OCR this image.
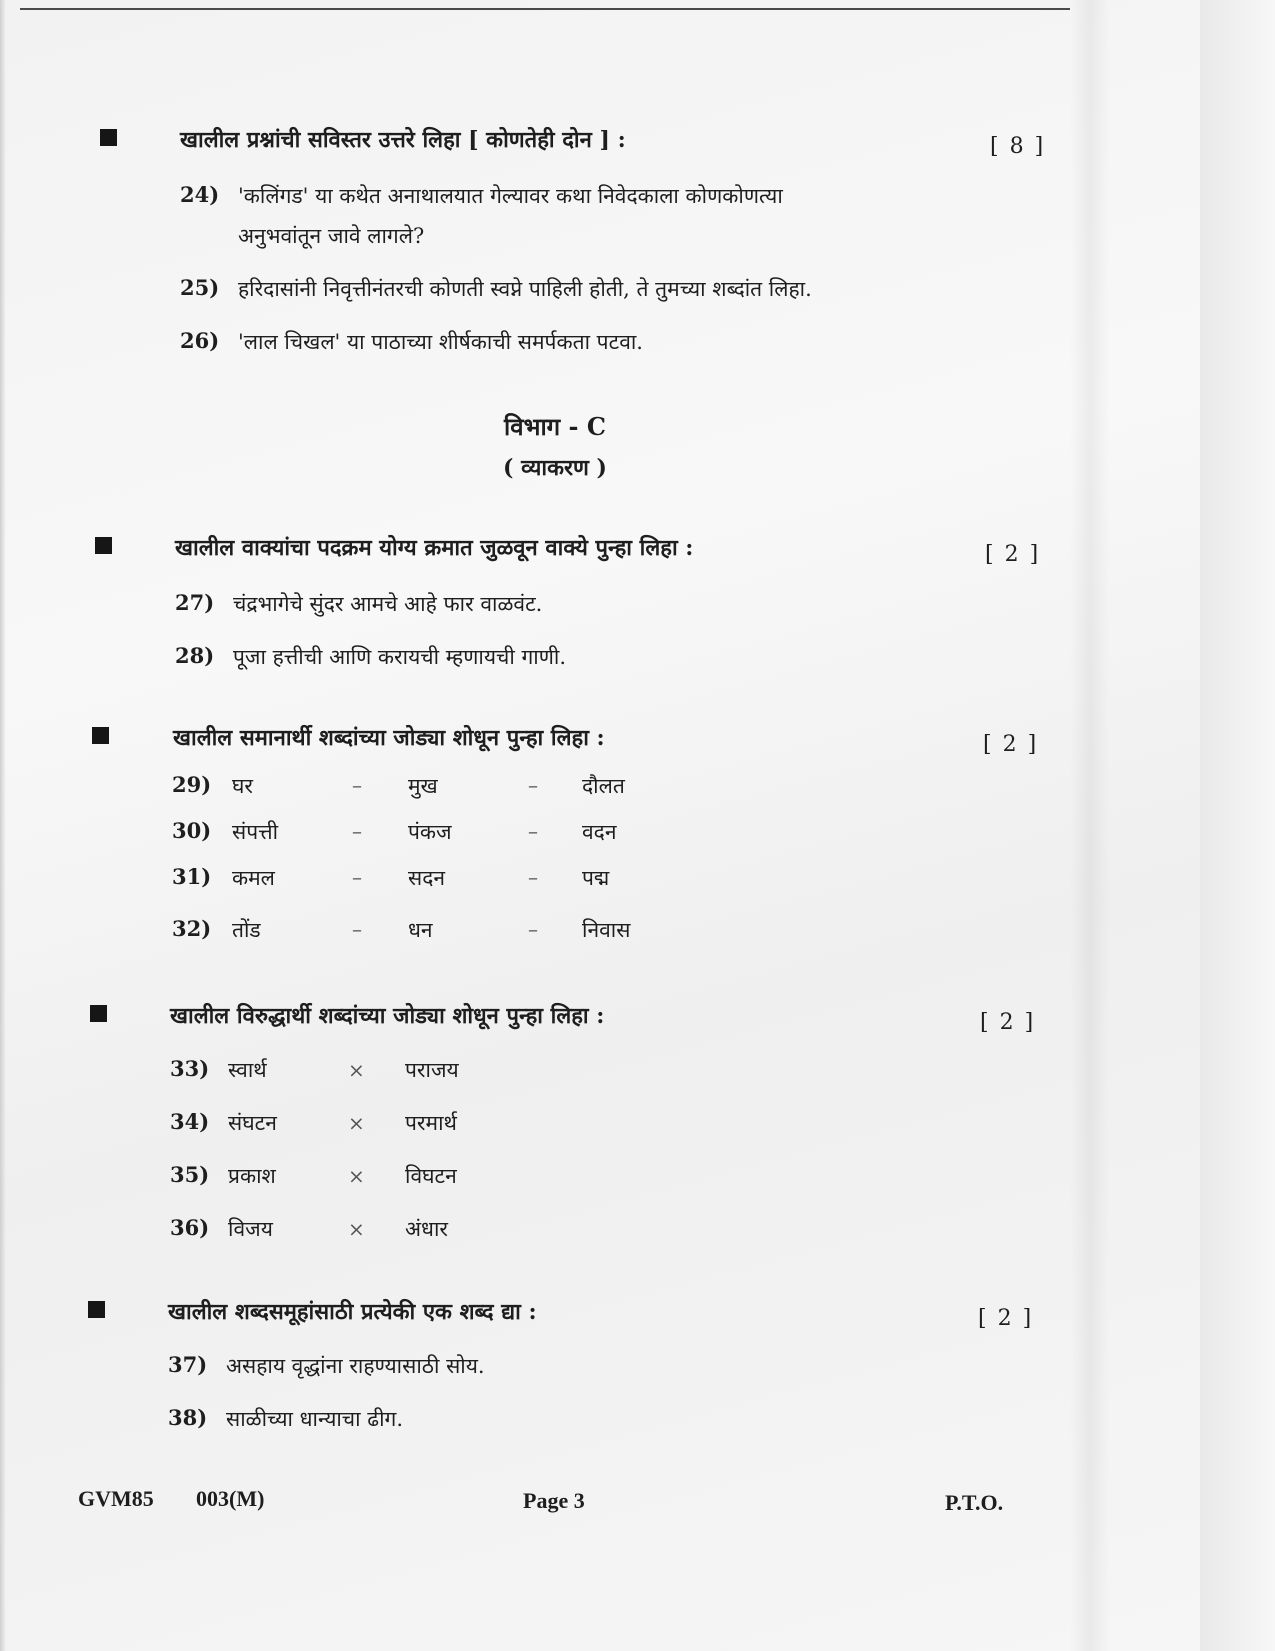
खालील प्रश्नांची सविस्तर उत्तरे लिहा [ कोणतेही दोन ] :	[ 8 ]
24) 'कलिंगड' या कथेत अनाथालयात गेल्यावर कथा निवेदकाला कोणकोणत्या
अनुभवांतून जावे लागले?
25) हरिदासांनी निवृत्तीनंतरची कोणती स्वप्ने पाहिली होती, ते तुमच्या शब्दांत लिहा.
26) 'लाल चिखल' या पाठाच्या शीर्षकाची समर्पकता पटवा.
विभाग - C
( व्याकरण )
खालील वाक्यांचा पदक्रम योग्य क्रमात जुळवून वाक्ये पुन्हा लिहा :	[ 2 ]
27) चंद्रभागेचे सुंदर आमचे आहे फार वाळवंट.
28) पूजा हत्तीची आणि करायची म्हणायची गाणी.
खालील समानार्थी शब्दांच्या जोड्या शोधून पुन्हा लिहा :	[ 2 ]
29) घर	– मुख	– दौलत
30) संपत्ती	– पंकज	– वदन
31) कमल	– सदन	– पद्म
32) तोंड	– धन	– निवास
खालील विरुद्धार्थी शब्दांच्या जोड्या शोधून पुन्हा लिहा :	[ 2 ]
33) स्वार्थ	× पराजय
34) संघटन	× परमार्थ
35) प्रकाश	× विघटन
36) विजय	× अंधार
खालील शब्दसमूहांसाठी प्रत्येकी एक शब्द द्या :	[ 2 ]
37) असहाय वृद्धांना राहण्यासाठी सोय.
38) साळीच्या धान्याचा ढीग.
GVM85 003(M)	Page 3	P.T.O.
